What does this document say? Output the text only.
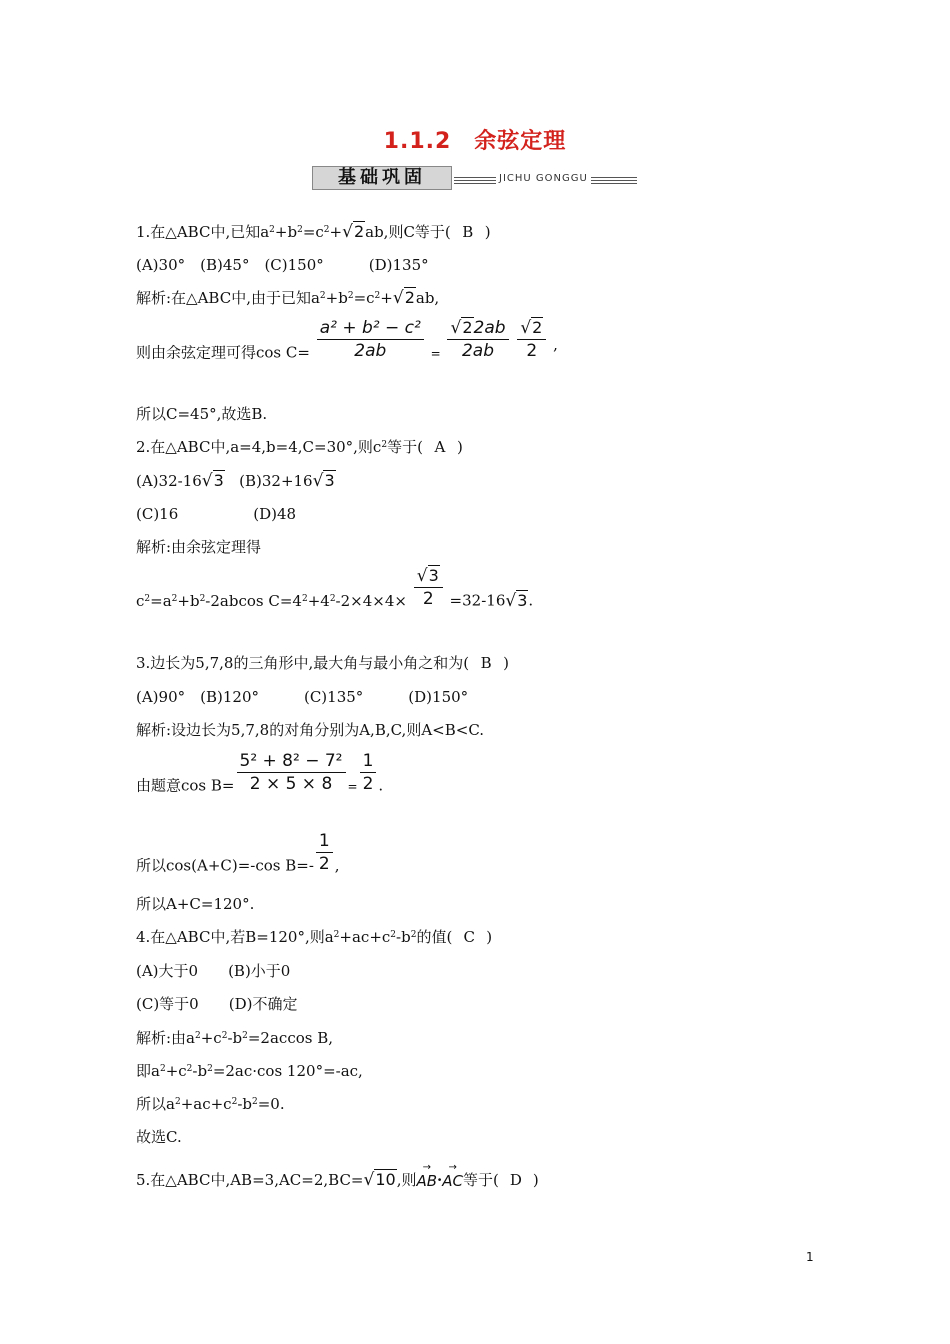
1.1.2　余弦定理
基础巩固	JICHU GONGGU
1.在△ABC中,已知$a^2+b^2=c^2+√2ab$,则C等于( B )
(A)30°　(B)45°　(C)150°　　　(D)135°
解析:在△ABC中,由于已知$a^2+b^2=c^2+√2ab$,
则由余弦定理可得$\cos C= \frac{\text{a² + b² − c²}}{2ab} _= \frac{√22ab}{2ab}$
$\frac{√2}{2}$ ,
所以C=45°,故选B.
2.在△ABC中,a=4,b=4,C=30°,则$c^2$等于( A )
(A)32-16√3 (B)32+16√3
(C)16　　　　　(D)48
解析:由余弦定理得
$c^2=a^2+b^2-2abcos$ $C=4^2+4^2-2\times 4\times 4\times \frac{√3}{2} =32-16√3$.
3.边长为5,7,8的三角形中,最大角与最小角之和为( B )
(A)90°　(B)120°　　　(C)135°　　　(D)150°
解析:设边长为5,7,8的对角分别为A,B,C,则A<B<C.
由题意$\cos B= \frac{\text{5² + 8² − 7²}}{2 \times 5 \times 8} _= \frac{1}{2}$ .
所以cos(A+C)=-cos $B=- \frac{1}{2}$ ,
所以A+C=120°.
4.在△ABC中,若B=120°,则$a^2+ac+c^2-b^2$的值( C )
(A)大于0　　(B)小于0
(C)等于0　　(D)不确定
解析:由$a^2+c^2-b^2=2accos$ B,
即$a^2+c^2-b^2=2ac\cdot\cos$ 120°=-ac,
所以$a^2+ac+c^2-b^2=0$.
故选C.
5.在△ABC中,AB=3,AC=2,BC=√10,则
→
AB ·
→
AC 等于( D )
1
